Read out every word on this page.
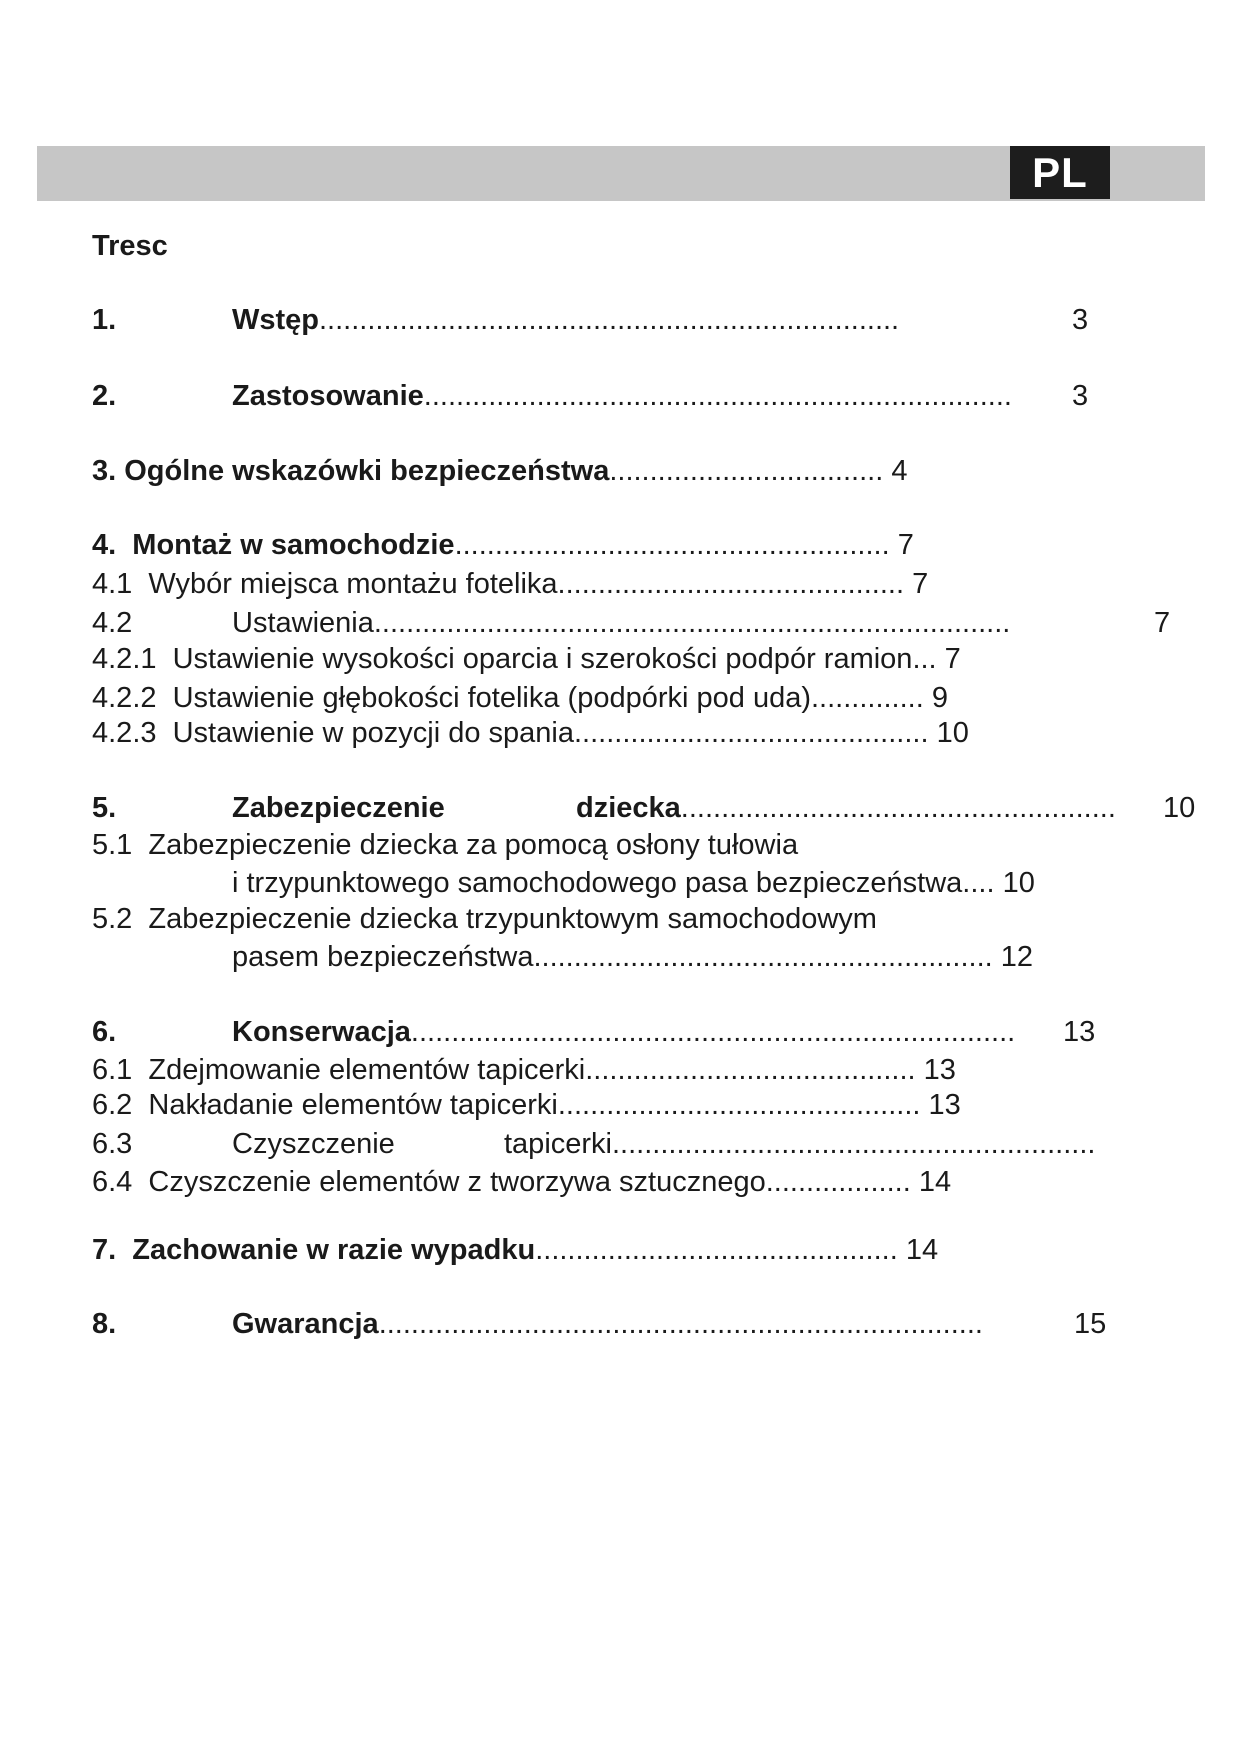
PL
Tresc
1.	Wstęp........................................................................	3
2.	Zastosowanie......................................................................... 3
3. Ogólne wskazówki bezpieczeństwa.................................. 4
4.  Montaż w samochodzie...................................................... 7
4.1  Wybór miejsca montażu fotelika........................................... 7
4.2	Ustawienia...............................................................................	7
4.2.1  Ustawienie wysokości oparcia i szerokości podpór ramion... 7
4.2.2  Ustawienie głębokości fotelika (podpórki pod uda).............. 9
4.2.3  Ustawienie w pozycji do spania............................................ 10
5.	Zabezpieczenie	dziecka...................................................... 10
5.1  Zabezpieczenie dziecka za pomocą osłony tułowia
i trzypunktowego samochodowego pasa bezpieczeństwa.... 10
5.2  Zabezpieczenie dziecka trzypunktowym samochodowym
pasem bezpieczeństwa......................................................... 12
6.	Konserwacja........................................................................... 13
6.1  Zdejmowanie elementów tapicerki......................................... 13
6.2  Nakładanie elementów tapicerki............................................. 13
6.3	Czyszczenie	tapicerki............................................................
6.4  Czyszczenie elementów z tworzywa sztucznego.................. 14
7.  Zachowanie w razie wypadku............................................. 14
8.	Gwarancja...........................................................................	15
